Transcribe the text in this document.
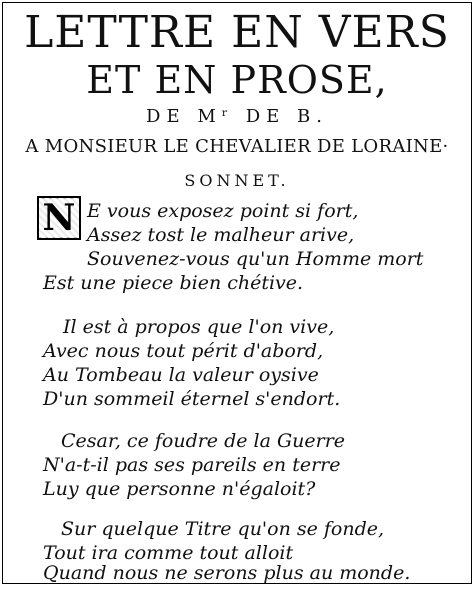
LETTRE EN VERS
ET EN PROSE,
DE Mʳ DE B.
A MONSIEUR LE CHEVALIER DE LORAINE·
SONNET.
N E vous exposez point si fort,
Assez tost le malheur arive,
Souvenez-vous qu'un Homme mort
Est une piece bien chétive.
Il est à propos que l'on vive,
Avec nous tout périt d'abord,
Au Tombeau la valeur oysive
D'un sommeil éternel s'endort.
Cesar, ce foudre de la Guerre
N'a-t-il pas ses pareils en terre
Luy que personne n'égaloit?
Sur quelque Titre qu'on se fonde,
Tout ira comme tout alloit
Quand nous ne serons plus au monde.
